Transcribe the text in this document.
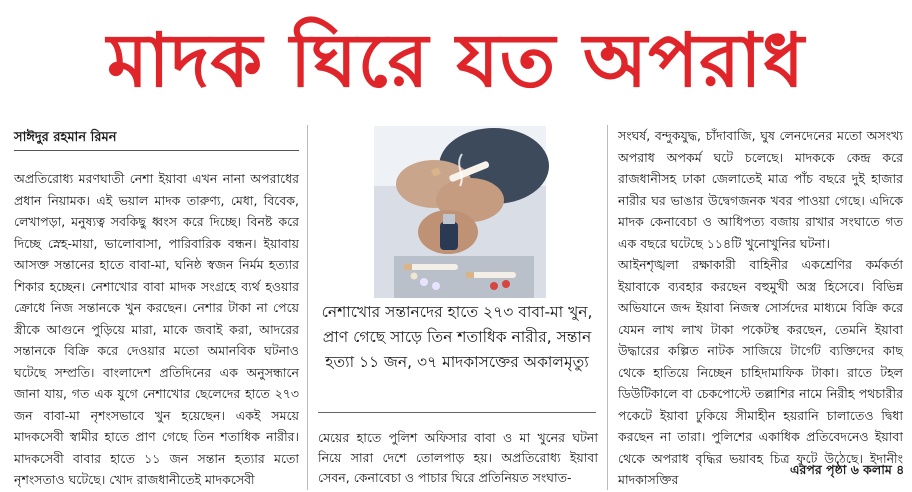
মাদক ঘিরে যত অপরাধ
সাঈদুর রহমান রিমন

অপ্রতিরোধ্য মরণঘাতী নেশা ইয়াবা এখন নানা অপরাধের প্রধান নিয়ামক। এই ভয়াল মাদক তারুণ্য, মেধা, বিবেক, লেখাপড়া, মনুষ্যত্ব সবকিছু ধ্বংস করে দিচ্ছে। বিনষ্ট করে দিচ্ছে স্নেহ-মায়া, ভালোবাসা, পারিবারিক বন্ধন। ইয়াবায় আসক্ত সন্তানের হাতে বাবা-মা, ঘনিষ্ঠ স্বজন নির্মম হত্যার শিকার হচ্ছেন। নেশাখোর বাবা মাদক সংগ্রহে ব্যর্থ হওয়ার ক্রোধে নিজ সন্তানকে খুন করছেন। নেশার টাকা না পেয়ে স্ত্রীকে আগুনে পুড়িয়ে মারা, মাকে জবাই করা, আদরের সন্তানকে বিক্রি করে দেওয়ার মতো অমানবিক ঘটনাও ঘটেছে সম্প্রতি। বাংলাদেশ প্রতিদিনের এক অনুসন্ধানে জানা যায়, গত এক যুগে নেশাখোর ছেলেদের হাতে ২৭৩ জন বাবা-মা নৃশংসভাবে খুন হয়েছেন। একই সময়ে মাদকসেবী স্বামীর হাতে প্রাণ গেছে তিন শতাধিক নারীর। মাদকসেবী বাবার হাতে ১১ জন সন্তান হত্যার মতো নৃশংসতাও ঘটেছে। খোদ রাজধানীতেই মাদকসেবী

নেশাখোর সন্তানদের হাতে ২৭৩ বাবা-মা খুন, প্রাণ গেছে সাড়ে তিন শতাধিক নারীর, সন্তান হত্যা ১১ জন, ৩৭ মাদকাসক্তের অকালমৃত্যু

মেয়ের হাতে পুলিশ অফিসার বাবা ও মা খুনের ঘটনা নিয়ে সারা দেশে তোলপাড় হয়। অপ্রতিরোধ্য ইয়াবা সেবন, কেনাবেচা ও পাচার ঘিরে প্রতিনিয়ত সংঘাত-

সংঘর্ষ, বন্দুকযুদ্ধ, চাঁদাবাজি, ঘুষ লেনদেনের মতো অসংখ্য অপরাধ অপকর্ম ঘটে চলেছে। মাদককে কেন্দ্র করে রাজধানীসহ ঢাকা জেলাতেই মাত্র পাঁচ বছরে দুই হাজার নারীর ঘর ভাঙার উদ্বেগজনক খবর পাওয়া গেছে। এদিকে মাদক কেনাবেচা ও আধিপত্য বজায় রাখার সংঘাতে গত এক বছরে ঘটেছে ১১৪টি খুনোখুনির ঘটনা।

আইনশৃঙ্খলা রক্ষাকারী বাহিনীর একশ্রেণির কর্মকর্তা ইয়াবাকে ব্যবহার করছেন বহুমুখী অস্ত্র হিসেবে। বিভিন্ন অভিযানে জব্দ ইয়াবা নিজস্ব সোর্সদের মাধ্যমে বিক্রি করে যেমন লাখ লাখ টাকা পকেটস্থ করছেন, তেমনি ইয়াবা উদ্ধারের কল্পিত নাটক সাজিয়ে টার্গেট ব্যক্তিদের কাছ থেকে হাতিয়ে নিচ্ছেন চাহিদামাফিক টাকা। রাতে টহল ডিউটিকালে বা চেকপোস্টে তল্লাশির নামে নিরীহ পথচারীর পকেটে ইয়াবা ঢুকিয়ে সীমাহীন হয়রানি চালাতেও দ্বিধা করছেন না তারা। পুলিশের একাধিক প্রতিবেদনেও ইয়াবা থেকে অপরাধ বৃদ্ধির ভয়াবহ চিত্র ফুটে উঠেছে। ইদানীং মাদকাসক্তির

এরপর পৃষ্ঠা ৬ কলাম ৪
